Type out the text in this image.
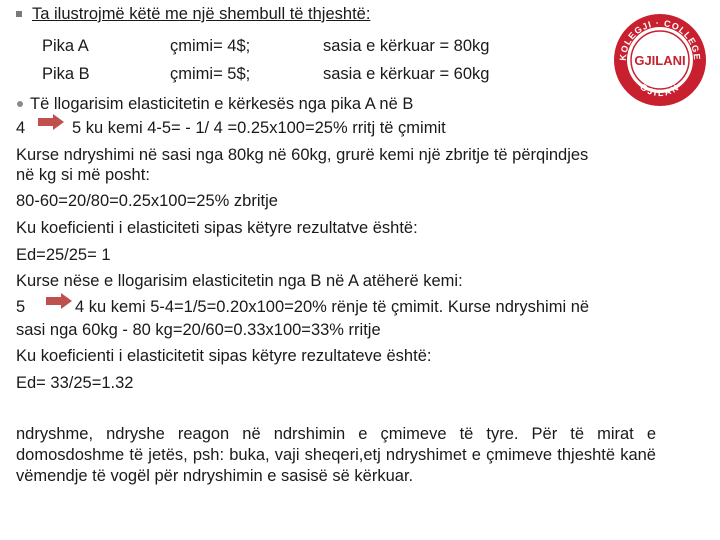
Ta ilustrojmë këtë me një shembull të thjeshtë:
Pika A	çmimi= 4$;	sasia e kërkuar = 80kg
Pika B	çmimi= 5$;	sasia e kërkuar = 60kg
Të llogarisim elasticitetin e kërkesës nga pika A në B
4	5 ku kemi 4-5= - 1/ 4 =0.25x100=25% rritj të çmimit
Kurse ndryshimi në sasi nga 80kg në 60kg, grurë kemi një zbritje të përqindjes
në kg si më posht:
80-60=20/80=0.25x100=25% zbritje
Ku koeficienti i elasticiteti sipas këtyre rezultatve është:
Ed=25/25= 1
Kurse nëse e llogarisim elasticitetin nga B në A atëherë kemi:
5	4 ku kemi 5-4=1/5=0.20x100=20% rënje të çmimit. Kurse ndryshimi në
sasi nga 60kg - 80 kg=20/60=0.33x100=33% rritje
Ku koeficienti i elasticitetit sipas këtyre rezultateve është:
Ed= 33/25=1.32
ndryshme, ndryshe reagon në ndrshimin e çmimeve të tyre. Për të mirat e domosdoshme të jetës, psh: buka, vaji sheqeri,etj ndryshimet e çmimeve thjeshtë kanë vëmendje të vogël për ndryshimin e sasisë së kërkuar.
KOLEGJI · COLLEGE
GJILAN
GJILANI
